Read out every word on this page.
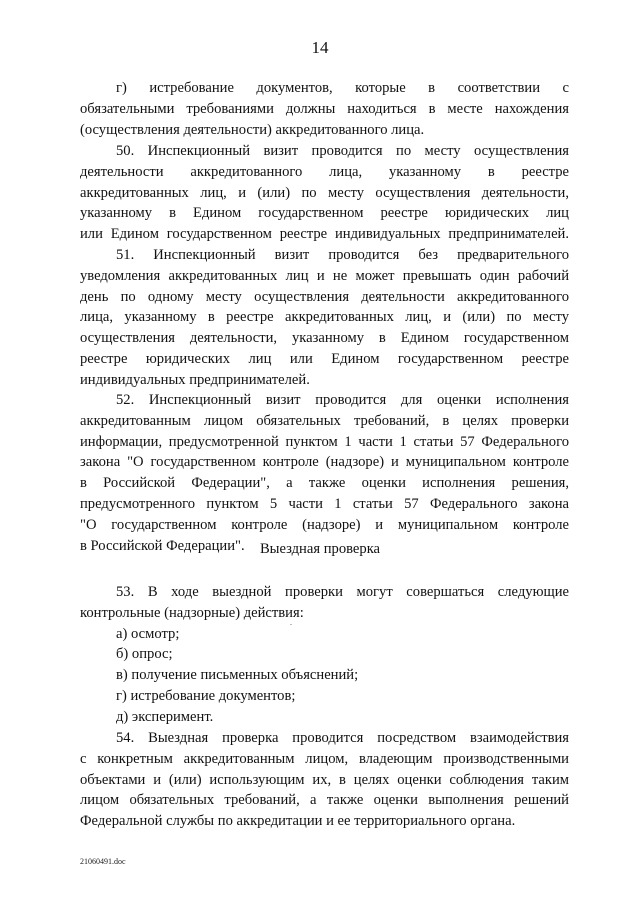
14
г) истребование документов, которые в соответствии с
обязательными требованиями должны находиться в месте нахождения
(осуществления деятельности) аккредитованного лица.
50. Инспекционный визит проводится по месту осуществления
деятельности аккредитованного лица, указанному в реестре
аккредитованных лиц, и (или) по месту осуществления деятельности,
указанному в Едином государственном реестре юридических лиц
или Едином государственном реестре индивидуальных предпринимателей.
51. Инспекционный визит проводится без предварительного
уведомления аккредитованных лиц и не может превышать один рабочий
день по одному месту осуществления деятельности аккредитованного
лица, указанному в реестре аккредитованных лиц, и (или) по месту
осуществления деятельности, указанному в Едином государственном
реестре юридических лиц или Едином государственном реестре
индивидуальных предпринимателей.
52. Инспекционный визит проводится для оценки исполнения
аккредитованным лицом обязательных требований, в целях проверки
информации, предусмотренной пунктом 1 части 1 статьи 57 Федерального
закона "О государственном контроле (надзоре) и муниципальном контроле
в Российской Федерации", а также оценки исполнения решения,
предусмотренного пунктом 5 части 1 статьи 57 Федерального закона
"О государственном контроле (надзоре) и муниципальном контроле
в Российской Федерации".	Выездная проверка
53. В ходе выездной проверки могут совершаться следующие
контрольные (надзорные) действия:
а) осмотр;
б) опрос;
в) получение письменных объяснений;
г) истребование документов;
д) эксперимент.
54. Выездная проверка проводится посредством взаимодействия
с конкретным аккредитованным лицом, владеющим производственными
объектами и (или) использующим их, в целях оценки соблюдения таким
лицом обязательных требований, а также оценки выполнения решений
Федеральной службы по аккредитации и ее территориального органа.
21060491.doc
